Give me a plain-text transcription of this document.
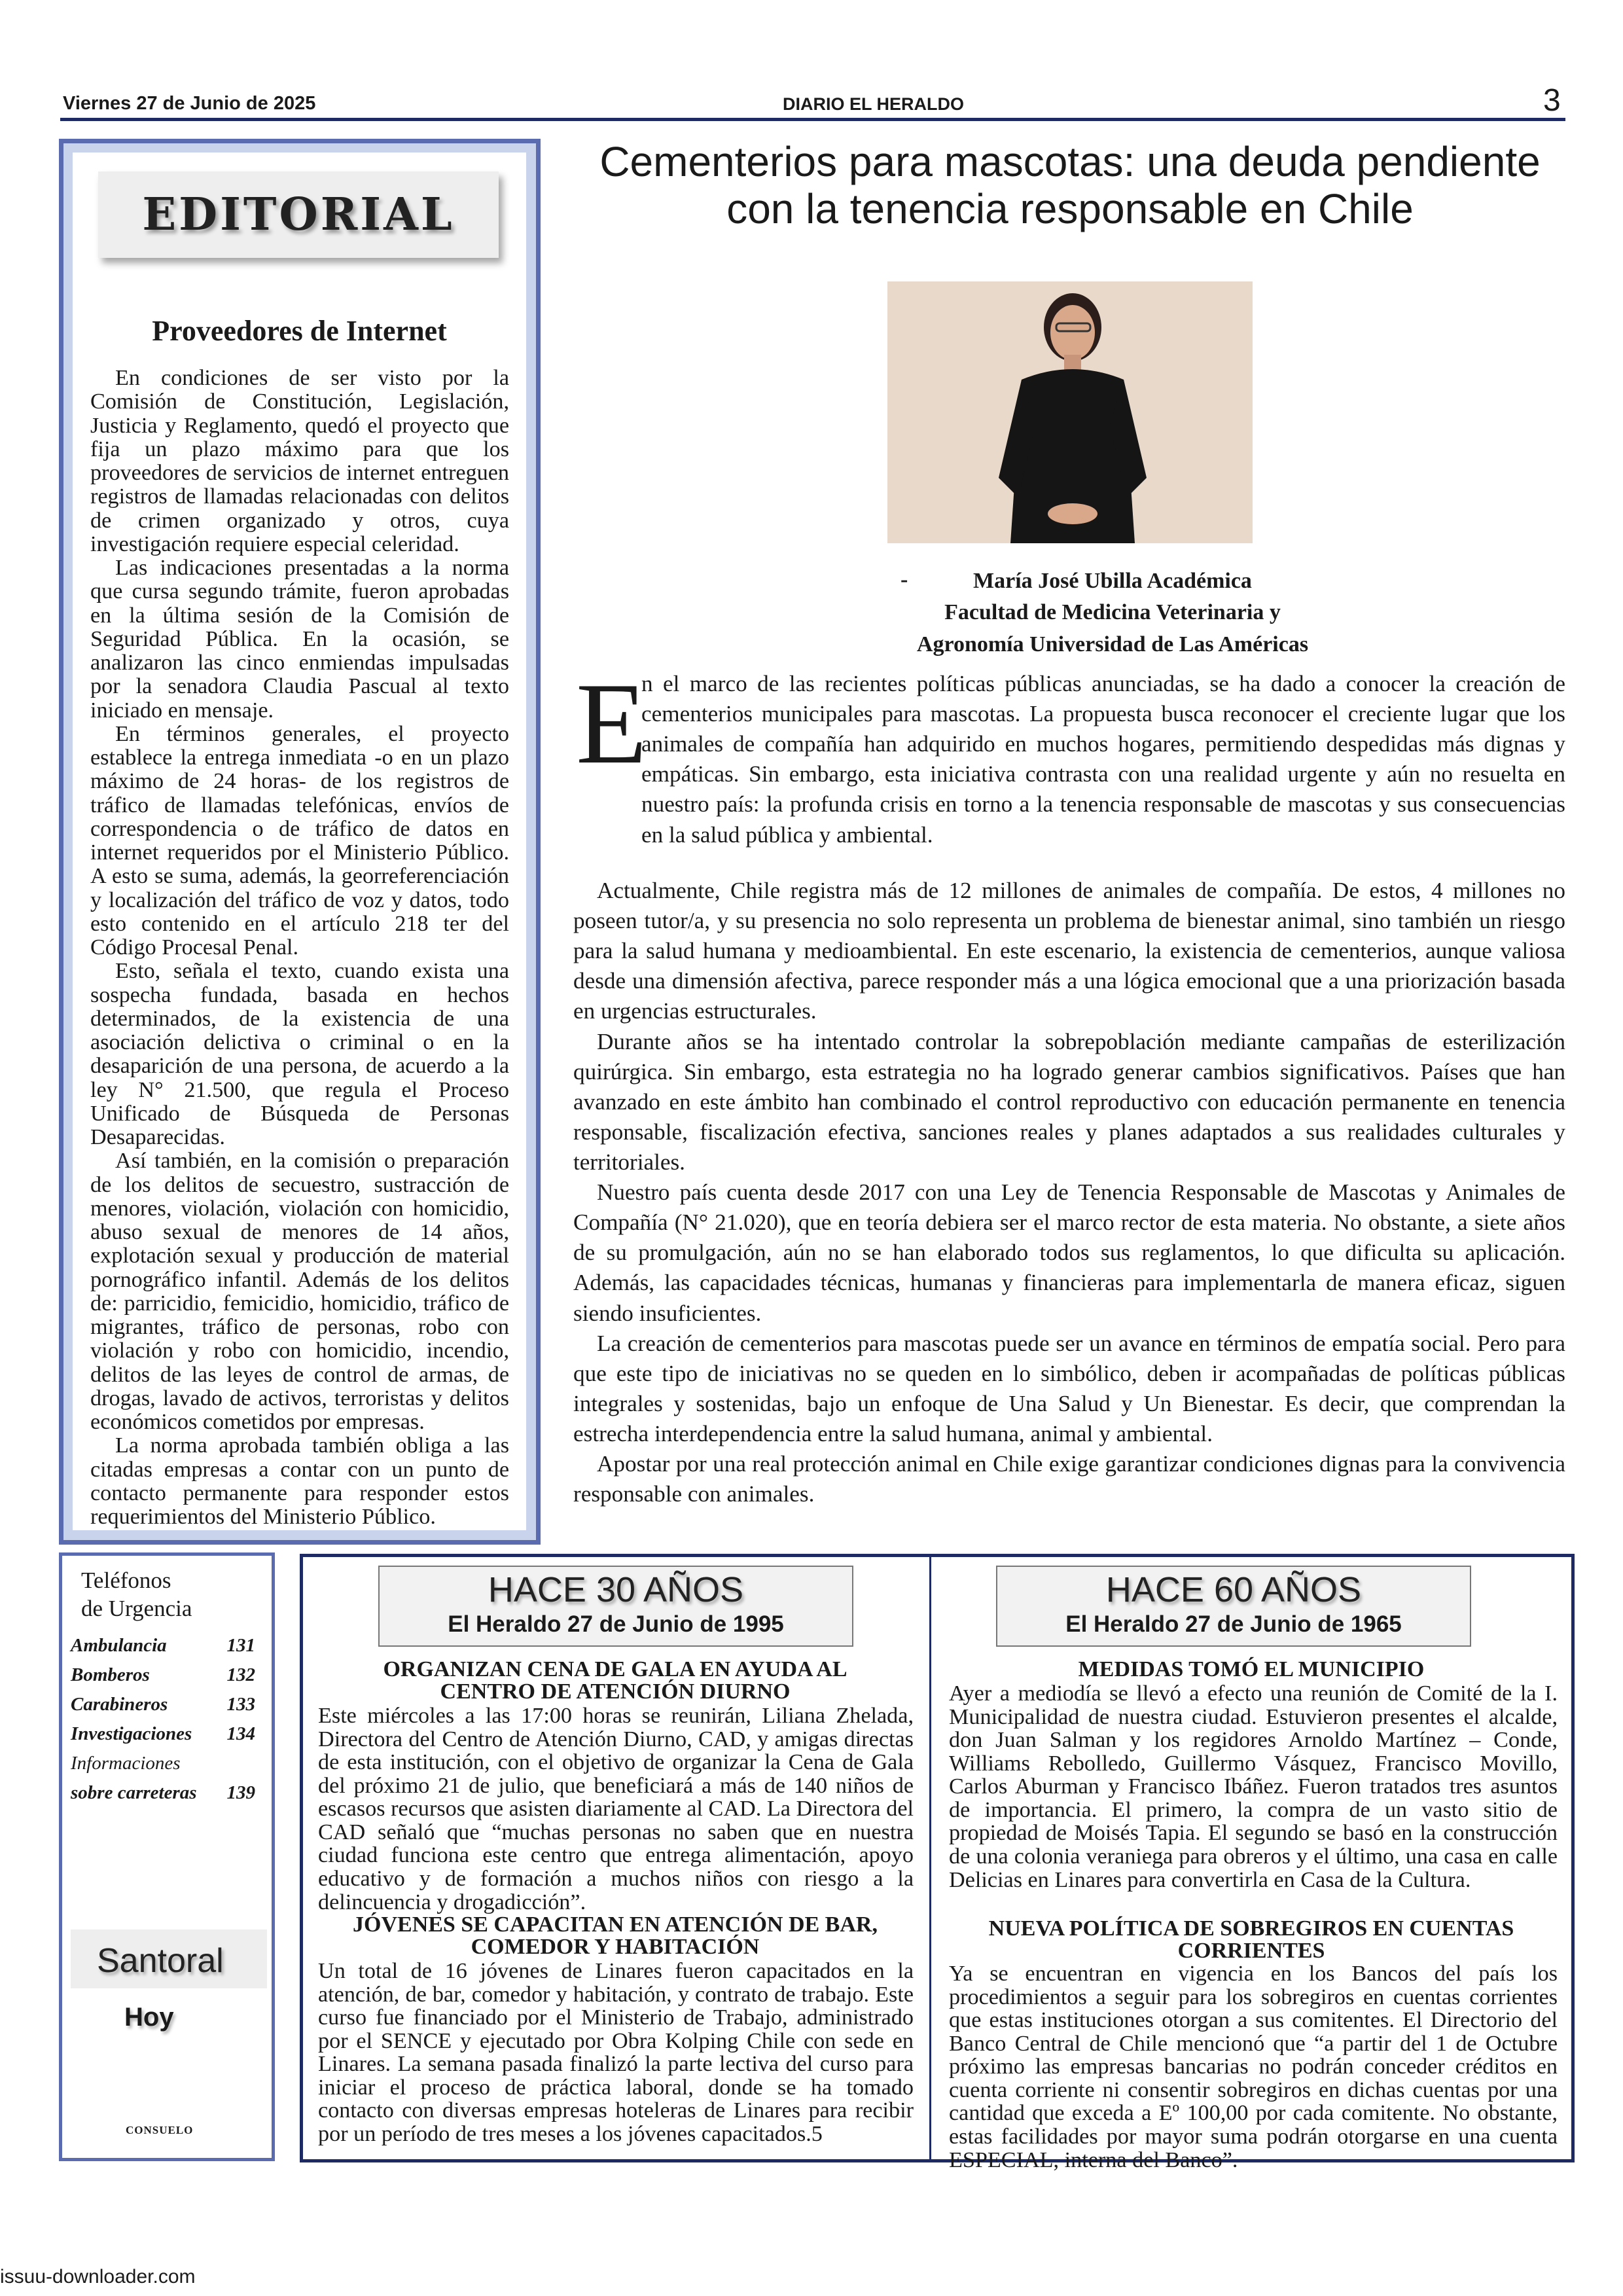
Viernes 27 de Junio de 2025	DIARIO EL HERALDO	3
EDITORIAL
Proveedores de Internet

En condiciones de ser visto por la Comisión de Constitución, Legislación, Justicia y Reglamento, quedó el proyecto que fija un plazo máximo para que los proveedores de servicios de internet entreguen registros de llamadas relacionadas con delitos de crimen organizado y otros, cuya investigación requiere especial celeridad.

Las indicaciones presentadas a la norma que cursa segundo trámite, fueron aprobadas en la última sesión de la Comisión de Seguridad Pública. En la ocasión, se analizaron las cinco enmiendas impulsadas por la senadora Claudia Pascual al texto iniciado en mensaje.

En términos generales, el proyecto establece la entrega inmediata -o en un plazo máximo de 24 horas- de los registros de tráfico de llamadas telefónicas, envíos de correspondencia o de tráfico de datos en internet requeridos por el Ministerio Público. A esto se suma, además, la georreferenciación y localización del tráfico de voz y datos, todo esto contenido en el artículo 218 ter del Código Procesal Penal.

Esto, señala el texto, cuando exista una sospecha fundada, basada en hechos determinados, de la existencia de una asociación delictiva o criminal o en la desaparición de una persona, de acuerdo a la ley N° 21.500, que regula el Proceso Unificado de Búsqueda de Personas Desaparecidas.

Así también, en la comisión o preparación de los delitos de secuestro, sustracción de menores, violación, violación con homicidio, abuso sexual de menores de 14 años, explotación sexual y producción de material pornográfico infantil. Además de los delitos de: parricidio, femicidio, homicidio, tráfico de migrantes, tráfico de personas, robo con violación y robo con homicidio, incendio, delitos de las leyes de control de armas, de drogas, lavado de activos, terroristas y delitos económicos cometidos por empresas.

La norma aprobada también obliga a las citadas empresas a contar con un punto de contacto permanente para responder estos requerimientos del Ministerio Público.

Cementerios para mascotas: una deuda pendiente con la tenencia responsable en Chile
-	María José Ubilla Académica
Facultad de Medicina Veterinaria y
Agronomía Universidad de Las Américas
E
n el marco de las recientes políticas públicas anunciadas, se ha dado a conocer la creación de cementerios municipales para mascotas. La propuesta busca reconocer el creciente lugar que los animales de compañía han adquirido en muchos hogares, permitiendo despedidas más dignas y empáticas. Sin embargo, esta iniciativa contrasta con una realidad urgente y aún no resuelta en nuestro país: la profunda crisis en torno a la tenencia responsable de mascotas y sus consecuencias en la salud pública y ambiental.

Actualmente, Chile registra más de 12 millones de animales de compañía. De estos, 4 millones no poseen tutor/a, y su presencia no solo representa un problema de bienestar animal, sino también un riesgo para la salud humana y medioambiental. En este escenario, la existencia de cementerios, aunque valiosa desde una dimensión afectiva, parece responder más a una lógica emocional que a una priorización basada en urgencias estructurales.

Durante años se ha intentado controlar la sobrepoblación mediante campañas de esterilización quirúrgica. Sin embargo, esta estrategia no ha logrado generar cambios significativos. Países que han avanzado en este ámbito han combinado el control reproductivo con educación permanente en tenencia responsable, fiscalización efectiva, sanciones reales y planes adaptados a sus realidades culturales y territoriales.

Nuestro país cuenta desde 2017 con una Ley de Tenencia Responsable de Mascotas y Animales de Compañía (N° 21.020), que en teoría debiera ser el marco rector de esta materia. No obstante, a siete años de su promulgación, aún no se han elaborado todos sus reglamentos, lo que dificulta su aplicación. Además, las capacidades técnicas, humanas y financieras para implementarla de manera eficaz, siguen siendo insuficientes.

La creación de cementerios para mascotas puede ser un avance en términos de empatía social. Pero para que este tipo de iniciativas no se queden en lo simbólico, deben ir acompañadas de políticas públicas integrales y sostenidas, bajo un enfoque de Una Salud y Un Bienestar. Es decir, que comprendan la estrecha interdependencia entre la salud humana, animal y ambiental.

Apostar por una real protección animal en Chile exige garantizar condiciones dignas para la convivencia responsable con animales.

Teléfonos
de Urgencia
Ambulancia	131
Bomberos	132
Carabineros	133
Investigaciones 134
Informaciones
sobre carreteras 139
Santoral
Hoy
CONSUELO
HACE 30 AÑOS
El Heraldo 27 de Junio de 1995
ORGANIZAN CENA DE GALA EN AYUDA AL CENTRO DE ATENCIÓN DIURNO
Este miércoles a las 17:00 horas se reunirán, Liliana Zhelada, Directora del Centro de Atención Diurno, CAD, y amigas directas de esta institución, con el objetivo de organizar la Cena de Gala del próximo 21 de julio, que beneficiará a más de 140 niños de escasos recursos que asisten diariamente al CAD. La Directora del CAD señaló que “muchas personas no saben que en nuestra ciudad funciona este centro que entrega alimentación, apoyo educativo y de formación a muchos niños con riesgo a la delincuencia y drogadicción”.
JÓVENES SE CAPACITAN EN ATENCIÓN DE BAR, COMEDOR Y HABITACIÓN
Un total de 16 jóvenes de Linares fueron capacitados en la atención, de bar, comedor y habitación, y contrato de trabajo. Este curso fue financiado por el Ministerio de Trabajo, administrado por el SENCE y ejecutado por Obra Kolping Chile con sede en Linares. La semana pasada finalizó la parte lectiva del curso para iniciar el proceso de práctica laboral, donde se ha tomado contacto con diversas empresas hoteleras de Linares para recibir por un período de tres meses a los jóvenes capacitados.5
HACE 60 AÑOS
El Heraldo 27 de Junio de 1965
MEDIDAS TOMÓ EL MUNICIPIO
Ayer a mediodía se llevó a efecto una reunión de Comité de la I. Municipalidad de nuestra ciudad. Estuvieron presentes el alcalde, don Juan Salman y los regidores Arnoldo Martínez – Conde, Williams Rebolledo, Guillermo Vásquez, Francisco Movillo, Carlos Aburman y Francisco Ibáñez. Fueron tratados tres asuntos de importancia. El primero, la compra de un vasto sitio de propiedad de Moisés Tapia. El segundo se basó en la construcción de una colonia veraniega para obreros y el último, una casa en calle Delicias en Linares para convertirla en Casa de la Cultura.
NUEVA POLÍTICA DE SOBREGIROS EN CUENTAS CORRIENTES
Ya se encuentran en vigencia en los Bancos del país los procedimientos a seguir para los sobregiros en cuentas corrientes que estas instituciones otorgan a sus comitentes. El Directorio del Banco Central de Chile mencionó que “a partir del 1 de Octubre próximo las empresas bancarias no podrán conceder créditos en cuenta corriente ni consentir sobregiros en dichas cuentas por una cantidad que exceda a Eº 100,00 por cada comitente. No obstante, estas facilidades por mayor suma podrán otorgarse en una cuenta ESPECIAL, interna del Banco”.
issuu-downloader.com
